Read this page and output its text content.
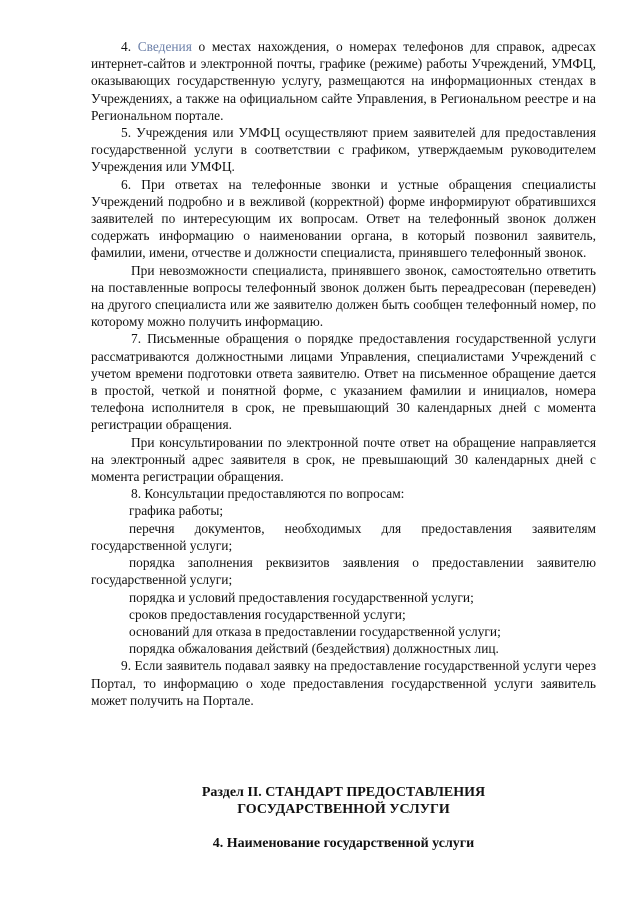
4. Сведения о местах нахождения, о номерах телефонов для справок, адресах интернет-сайтов и электронной почты, графике (режиме) работы Учреждений, УМФЦ, оказывающих государственную услугу, размещаются на информационных стендах в Учреждениях, а также на официальном сайте Управления, в Региональном реестре и на Региональном портале.

5. Учреждения или УМФЦ осуществляют прием заявителей для предоставления государственной услуги в соответствии с графиком, утверждаемым руководителем Учреждения или УМФЦ.

6. При ответах на телефонные звонки и устные обращения специалисты Учреждений подробно и в вежливой (корректной) форме информируют обратившихся заявителей по интересующим их вопросам. Ответ на телефонный звонок должен содержать информацию о наименовании органа, в который позвонил заявитель, фамилии, имени, отчестве и должности специалиста, принявшего телефонный звонок.

При невозможности специалиста, принявшего звонок, самостоятельно ответить на поставленные вопросы телефонный звонок должен быть переадресован (переведен) на другого специалиста или же заявителю должен быть сообщен телефонный номер, по которому можно получить информацию.

7. Письменные обращения о порядке предоставления государственной услуги рассматриваются должностными лицами Управления, специалистами Учреждений с учетом времени подготовки ответа заявителю. Ответ на письменное обращение дается в простой, четкой и понятной форме, с указанием фамилии и инициалов, номера телефона исполнителя в срок, не превышающий 30 календарных дней с момента регистрации обращения.

При консультировании по электронной почте ответ на обращение направляется на электронный адрес заявителя в срок, не превышающий 30 календарных дней с момента регистрации обращения.

8. Консультации предоставляются по вопросам:

графика работы;

перечня документов, необходимых для предоставления заявителям государственной услуги;

порядка заполнения реквизитов заявления о предоставлении заявителю государственной услуги;

порядка и условий предоставления государственной услуги;

сроков предоставления государственной услуги;

оснований для отказа в предоставлении государственной услуги;

порядка обжалования действий (бездействия) должностных лиц.

9. Если заявитель подавал заявку на предоставление государственной услуги через Портал, то информацию о ходе предоставления государственной услуги заявитель может получить на Портале.

Раздел II. СТАНДАРТ ПРЕДОСТАВЛЕНИЯ
ГОСУДАРСТВЕННОЙ УСЛУГИ
4. Наименование государственной услуги
